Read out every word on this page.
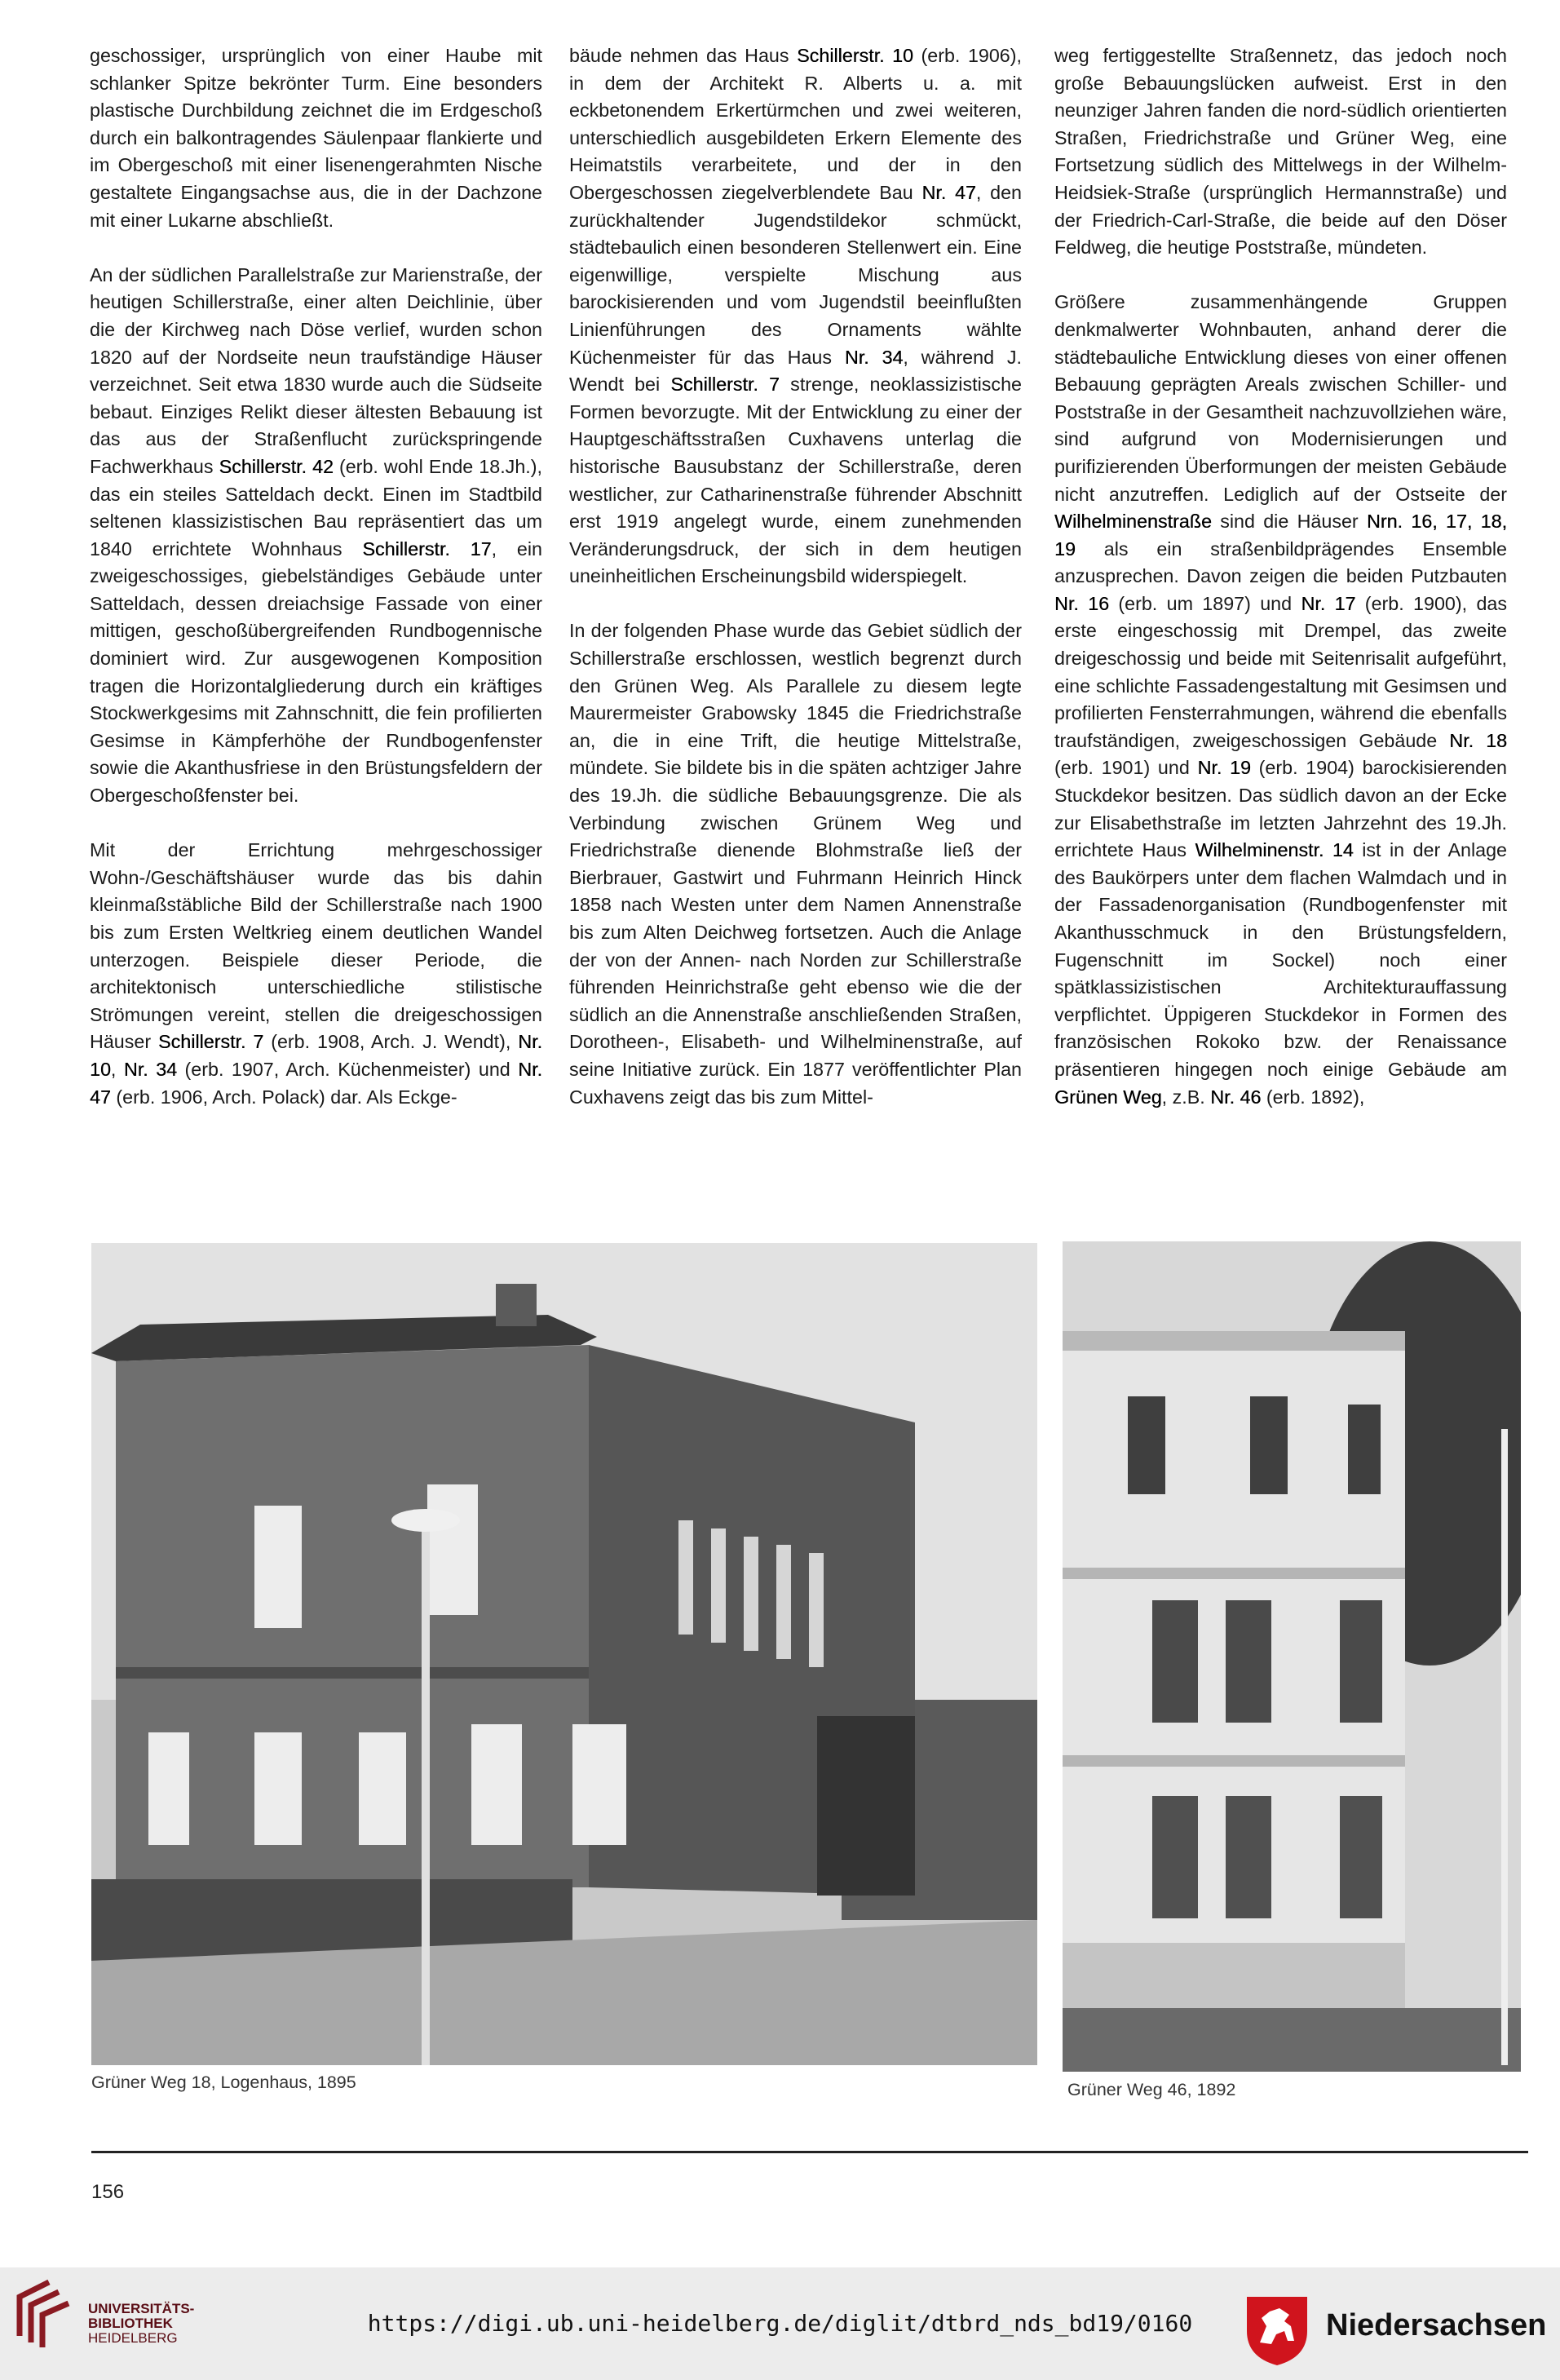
geschossiger, ursprünglich von einer Haube mit schlanker Spitze bekrönter Turm. Eine besonders plastische Durchbildung zeichnet die im Erdgeschoß durch ein balkontragendes Säulenpaar flankierte und im Obergeschoß mit einer lisenengerahmten Nische gestaltete Eingangsachse aus, die in der Dachzone mit einer Lukarne abschließt.

An der südlichen Parallelstraße zur Marienstraße, der heutigen Schillerstraße, einer alten Deichlinie, über die der Kirchweg nach Döse verlief, wurden schon 1820 auf der Nordseite neun traufständige Häuser verzeichnet. Seit etwa 1830 wurde auch die Südseite bebaut. Einziges Relikt dieser ältesten Bebauung ist das aus der Straßenflucht zurückspringende Fachwerkhaus Schillerstr. 42 (erb. wohl Ende 18.Jh.), das ein steiles Satteldach deckt. Einen im Stadtbild seltenen klassizistischen Bau repräsentiert das um 1840 errichtete Wohnhaus Schillerstr. 17, ein zweigeschossiges, giebelständiges Gebäude unter Satteldach, dessen dreiachsige Fassade von einer mittigen, geschoßübergreifenden Rundbogennische dominiert wird. Zur ausgewogenen Komposition tragen die Horizontalgliederung durch ein kräftiges Stockwerkgesims mit Zahnschnitt, die fein profilierten Gesimse in Kämpferhöhe der Rundbogenfenster sowie die Akanthusfriese in den Brüstungsfeldern der Obergeschoßfenster bei.

Mit der Errichtung mehrgeschossiger Wohn-/Geschäftshäuser wurde das bis dahin kleinmaßstäbliche Bild der Schillerstraße nach 1900 bis zum Ersten Weltkrieg einem deutlichen Wandel unterzogen. Beispiele dieser Periode, die architektonisch unterschiedliche stilistische Strömungen vereint, stellen die dreigeschossigen Häuser Schillerstr. 7 (erb. 1908, Arch. J. Wendt), Nr. 10, Nr. 34 (erb. 1907, Arch. Küchenmeister) und Nr. 47 (erb. 1906, Arch. Polack) dar. Als Eckge-

bäude nehmen das Haus Schillerstr. 10 (erb. 1906), in dem der Architekt R. Alberts u. a. mit eckbetonendem Erkertürmchen und zwei weiteren, unterschiedlich ausgebildeten Erkern Elemente des Heimatstils verarbeitete, und der in den Obergeschossen ziegelverblendete Bau Nr. 47, den zurückhaltender Jugendstildekor schmückt, städtebaulich einen besonderen Stellenwert ein. Eine eigenwillige, verspielte Mischung aus barockisierenden und vom Jugendstil beeinflußten Linienführungen des Ornaments wählte Küchenmeister für das Haus Nr. 34, während J. Wendt bei Schillerstr. 7 strenge, neoklassizistische Formen bevorzugte. Mit der Entwicklung zu einer der Hauptgeschäftsstraßen Cuxhavens unterlag die historische Bausubstanz der Schillerstraße, deren westlicher, zur Catharinenstraße führender Abschnitt erst 1919 angelegt wurde, einem zunehmenden Veränderungsdruck, der sich in dem heutigen uneinheitlichen Erscheinungsbild widerspiegelt.

In der folgenden Phase wurde das Gebiet südlich der Schillerstraße erschlossen, westlich begrenzt durch den Grünen Weg. Als Parallele zu diesem legte Maurermeister Grabowsky 1845 die Friedrichstraße an, die in eine Trift, die heutige Mittelstraße, mündete. Sie bildete bis in die späten achtziger Jahre des 19.Jh. die südliche Bebauungsgrenze. Die als Verbindung zwischen Grünem Weg und Friedrichstraße dienende Blohmstraße ließ der Bierbrauer, Gastwirt und Fuhrmann Heinrich Hinck 1858 nach Westen unter dem Namen Annenstraße bis zum Alten Deichweg fortsetzen. Auch die Anlage der von der Annen- nach Norden zur Schillerstraße führenden Heinrichstraße geht ebenso wie die der südlich an die Annenstraße anschließenden Straßen, Dorotheen-, Elisabeth- und Wilhelminenstraße, auf seine Initiative zurück. Ein 1877 veröffentlichter Plan Cuxhavens zeigt das bis zum Mittel-

weg fertiggestellte Straßennetz, das jedoch noch große Bebauungslücken aufweist. Erst in den neunziger Jahren fanden die nord-südlich orientierten Straßen, Friedrichstraße und Grüner Weg, eine Fortsetzung südlich des Mittelwegs in der Wilhelm-Heidsiek-Straße (ursprünglich Hermannstraße) und der Friedrich-Carl-Straße, die beide auf den Döser Feldweg, die heutige Poststraße, mündeten.

Größere zusammenhängende Gruppen denkmalwerter Wohnbauten, anhand derer die städtebauliche Entwicklung dieses von einer offenen Bebauung geprägten Areals zwischen Schiller- und Poststraße in der Gesamtheit nachzuvollziehen wäre, sind aufgrund von Modernisierungen und purifizierenden Überformungen der meisten Gebäude nicht anzutreffen. Lediglich auf der Ostseite der Wilhelminenstraße sind die Häuser Nrn. 16, 17, 18, 19 als ein straßenbildprägendes Ensemble anzusprechen. Davon zeigen die beiden Putzbauten Nr. 16 (erb. um 1897) und Nr. 17 (erb. 1900), das erste eingeschossig mit Drempel, das zweite dreigeschossig und beide mit Seitenrisalit aufgeführt, eine schlichte Fassadengestaltung mit Gesimsen und profilierten Fensterrahmungen, während die ebenfalls traufständigen, zweigeschossigen Gebäude Nr. 18 (erb. 1901) und Nr. 19 (erb. 1904) barockisierenden Stuckdekor besitzen. Das südlich davon an der Ecke zur Elisabethstraße im letzten Jahrzehnt des 19.Jh. errichtete Haus Wilhelminenstr. 14 ist in der Anlage des Baukörpers unter dem flachen Walmdach und in der Fassadenorganisation (Rundbogenfenster mit Akanthusschmuck in den Brüstungsfeldern, Fugenschnitt im Sockel) noch einer spätklassizistischen Architekturauffassung verpflichtet. Üppigeren Stuckdekor in Formen des französischen Rokoko bzw. der Renaissance präsentieren hingegen noch einige Gebäude am Grünen Weg, z.B. Nr. 46 (erb. 1892),

Grüner Weg 18, Logenhaus, 1895	Grüner Weg 46, 1892
156
UNIVERSITÄTS-
BIBLIOTHEK
HEIDELBERG
https://digi.ub.uni-heidelberg.de/diglit/dtbrd_nds_bd19/0160	Niedersachsen
